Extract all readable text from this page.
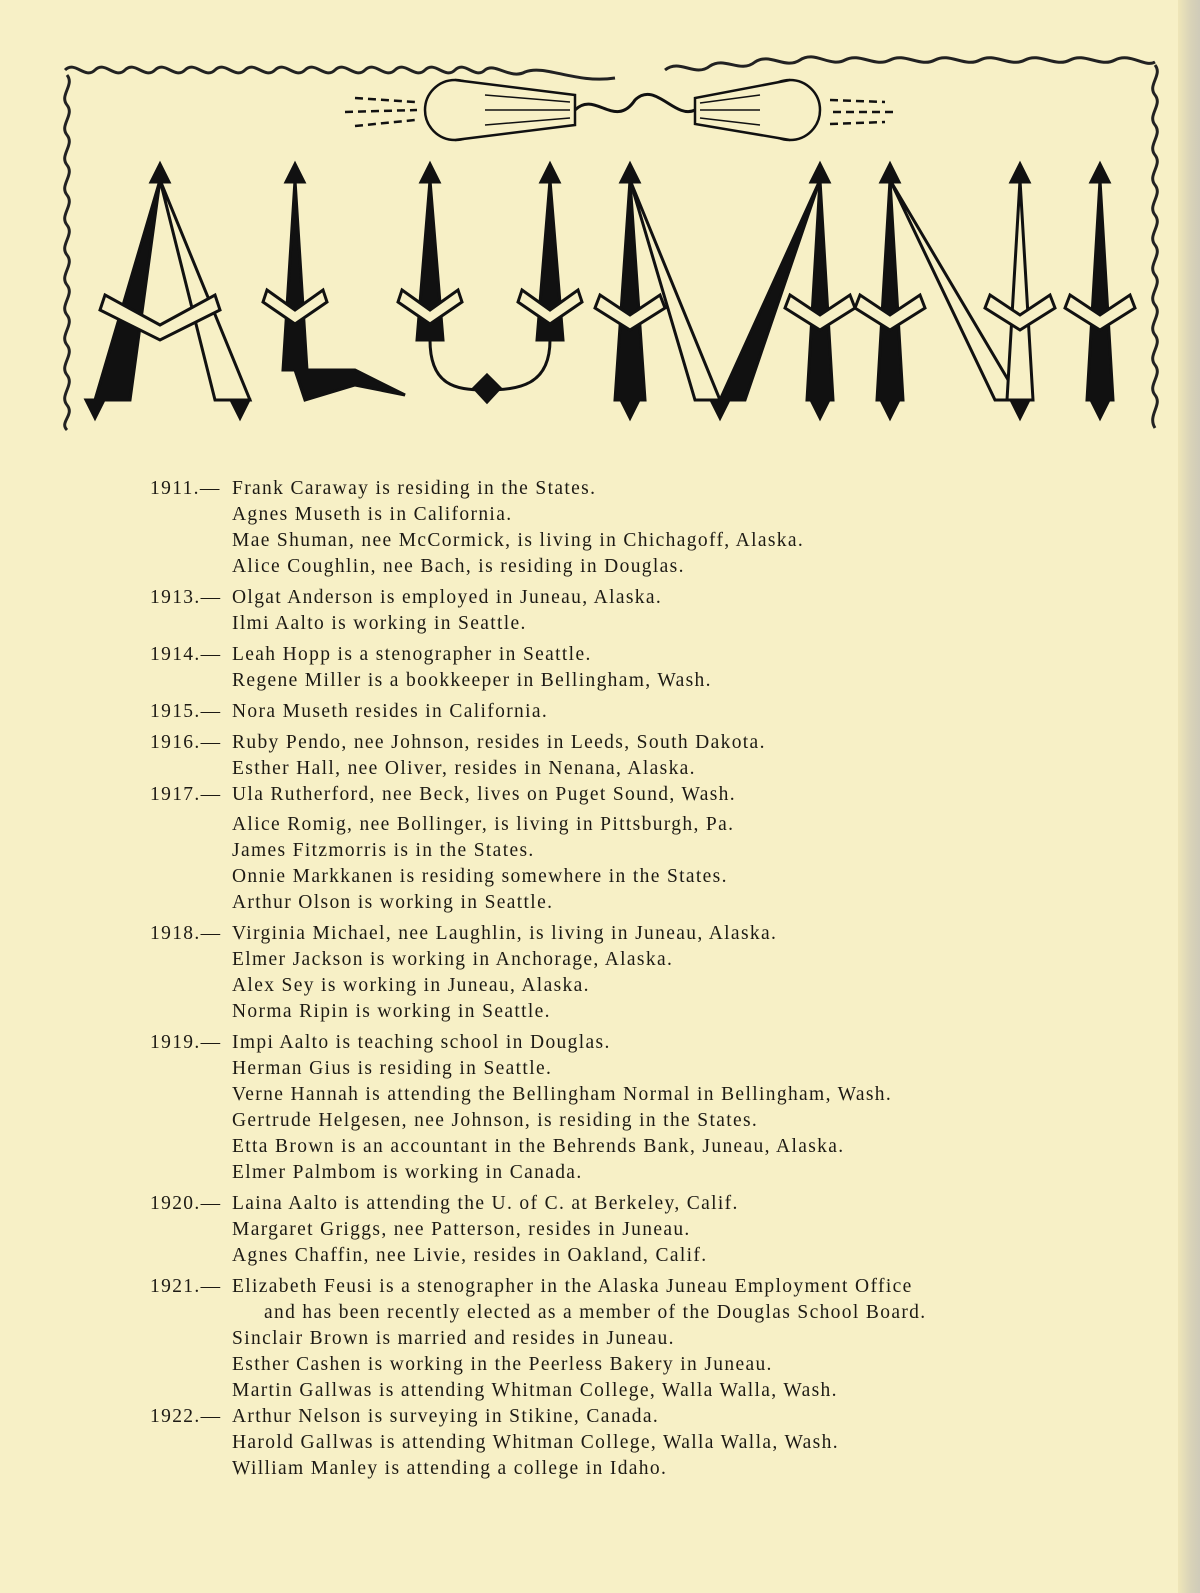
1911.— Frank Caraway is residing in the States.
Agnes Museth is in California.
Mae Shuman, nee McCormick, is living in Chichagoff, Alaska.
Alice Coughlin, nee Bach, is residing in Douglas.
1913.— Olgat Anderson is employed in Juneau, Alaska.
Ilmi Aalto is working in Seattle.
1914.— Leah Hopp is a stenographer in Seattle.
Regene Miller is a bookkeeper in Bellingham, Wash.
1915.— Nora Museth resides in California.
1916.— Ruby Pendo, nee Johnson, resides in Leeds, South Dakota.
Esther Hall, nee Oliver, resides in Nenana, Alaska.
1917.— Ula Rutherford, nee Beck, lives on Puget Sound, Wash.
Alice Romig, nee Bollinger, is living in Pittsburgh, Pa.
James Fitzmorris is in the States.
Onnie Markkanen is residing somewhere in the States.
Arthur Olson is working in Seattle.
1918.— Virginia Michael, nee Laughlin, is living in Juneau, Alaska.
Elmer Jackson is working in Anchorage, Alaska.
Alex Sey is working in Juneau, Alaska.
Norma Ripin is working in Seattle.
1919.— Impi Aalto is teaching school in Douglas.
Herman Gius is residing in Seattle.
Verne Hannah is attending the Bellingham Normal in Bellingham, Wash.
Gertrude Helgesen, nee Johnson, is residing in the States.
Etta Brown is an accountant in the Behrends Bank, Juneau, Alaska.
Elmer Palmbom is working in Canada.
1920.— Laina Aalto is attending the U. of C. at Berkeley, Calif.
Margaret Griggs, nee Patterson, resides in Juneau.
Agnes Chaffin, nee Livie, resides in Oakland, Calif.
1921.— Elizabeth Feusi is a stenographer in the Alaska Juneau Employment Office
and has been recently elected as a member of the Douglas School Board.
Sinclair Brown is married and resides in Juneau.
Esther Cashen is working in the Peerless Bakery in Juneau.
Martin Gallwas is attending Whitman College, Walla Walla, Wash.
1922.— Arthur Nelson is surveying in Stikine, Canada.
Harold Gallwas is attending Whitman College, Walla Walla, Wash.
William Manley is attending a college in Idaho.
